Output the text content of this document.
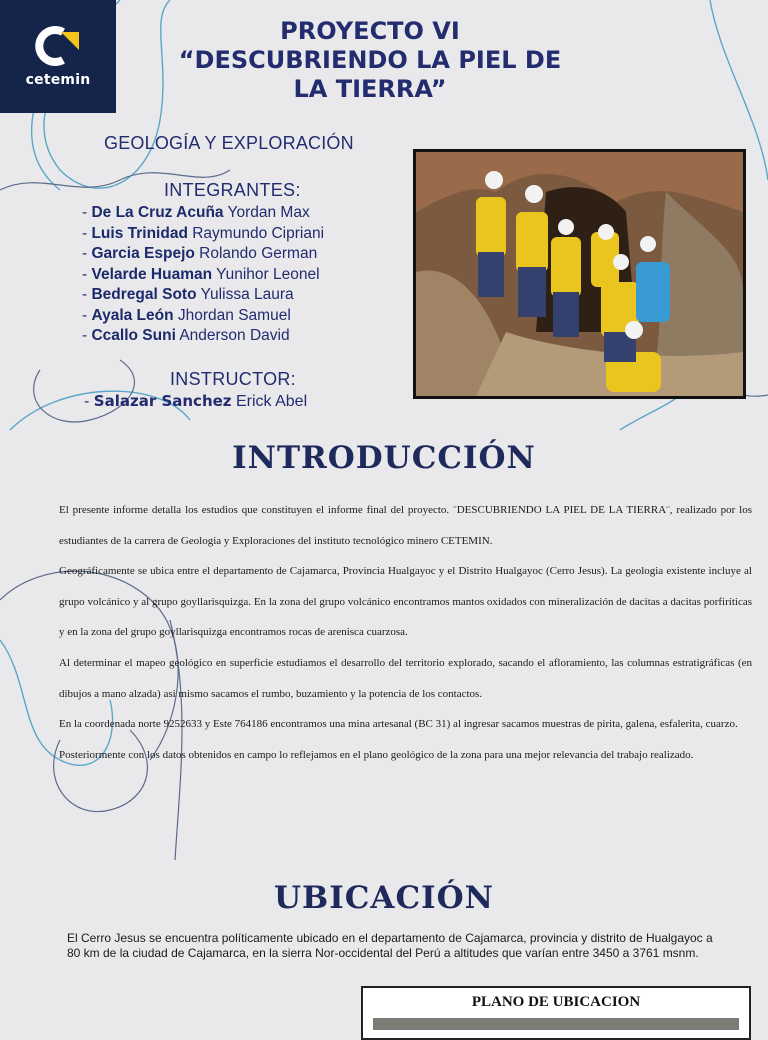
cetemin
PROYECTO VI
“DESCUBRIENDO LA PIEL DE
LA TIERRA”
GEOLOGÍA Y EXPLORACIÓN
INTEGRANTES:
- De La Cruz Acuña Yordan Max
- Luis Trinidad Raymundo Cipriani
- Garcia Espejo Rolando German
- Velarde Huaman Yunihor Leonel
- Bedregal Soto Yulissa Laura
- Ayala León Jhordan Samuel
- Ccallo Suni Anderson David
INSTRUCTOR:
- Salazar Sanchez Erick Abel
INTRODUCCIÓN

El presente informe detalla los estudios que constituyen el informe final del proyecto. ¨DESCUBRIENDO LA PIEL DE LA TIERRA¨, realizado por los estudiantes de la carrera de Geologia y Exploraciones del instituto tecnológico minero CETEMIN.

Geográficamente se ubica entre el departamento de Cajamarca, Provincia Hualgayoc y el Distrito Hualgayoc (Cerro Jesus). La geologia existente incluye al grupo volcánico y al grupo goyllarisquizga. En la zona del grupo volcánico encontramos mantos oxidados con mineralización de dacitas a dacitas porfiríticas y en la zona del grupo goyllarisquizga encontramos rocas de arenisca cuarzosa.

Al determinar el mapeo geológico en superficie estudiamos el desarrollo del territorio explorado, sacando el afloramiento, las columnas estratigráficas (en dibujos a mano alzada) asi mismo sacamos el rumbo, buzamiento y la potencia de los contactos.

En la coordenada norte 9252633 y Este 764186 encontramos una mina artesanal (BC 31) al ingresar sacamos muestras de pirita, galena, esfalerita, cuarzo.

Posteriormente con los datos obtenidos en campo lo reflejamos en el plano geológico de la zona para una mejor relevancia del trabajo realizado.

UBICACIÓN
El Cerro Jesus se encuentra políticamente ubicado en el departamento de Cajamarca, provincia y distrito de Hualgayoc a 80 km de la ciudad de Cajamarca, en la sierra Nor-occidental del Perú a altitudes que varían entre 3450 a 3761 msnm.
PLANO DE UBICACION
